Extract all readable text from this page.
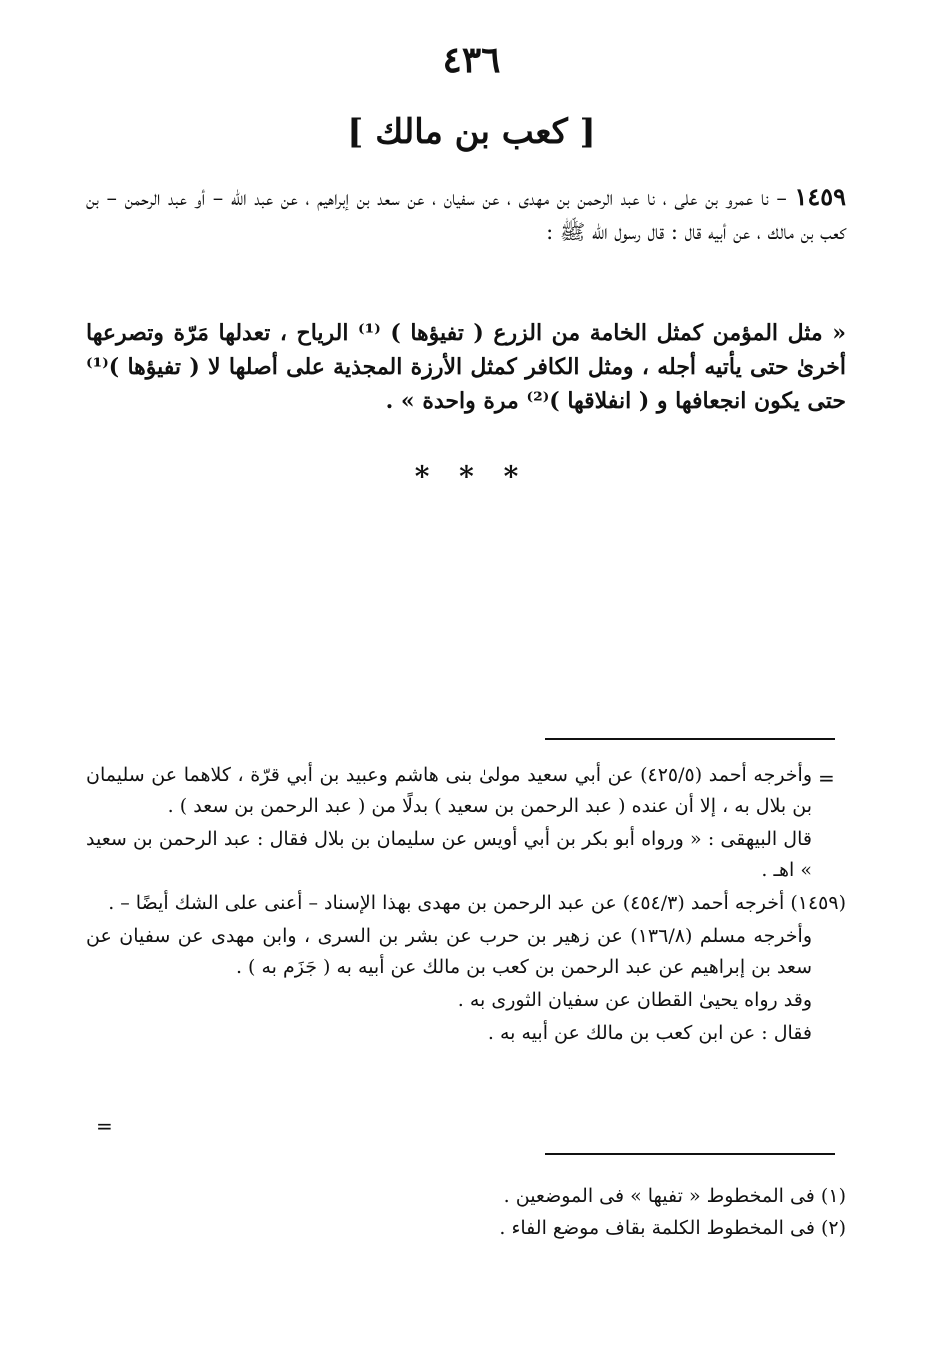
٤٣٦
[ كعب بن مالك ]
١٤٥٩ – نا عمرو بن على ، نا عبد الرحمن بن مهدى ، عن سفيان ، عن سعد بن إبراهيم ، عن عبد الله – أو عبد الرحمن – بن كعب بن مالك ، عن أبيه قال : قال رسول الله ﷺ :
« مثل المؤمن كمثل الخامة من الزرع ( تفيؤها ) ⁽¹⁾ الرياح ، تعدلها مَرّة وتصرعها أخرىٰ حتى يأتيه أجله ، ومثل الكافر كمثل الأرزة المجذية على أصلها لا ( تفيؤها )⁽¹⁾ حتى يكون انجعافها و ( انفلاقها )⁽²⁾ مرة واحدة » .
* * *
=

وأخرجه أحمد (٤٢٥/٥) عن أبي سعيد مولىٰ بنى هاشم وعبيد بن أبي قرّة ، كلاهما عن سليمان بن بلال به ، إلا أن عنده ( عبد الرحمن بن سعيد ) بدلًا من ( عبد الرحمن بن سعد ) .

قال البيهقى : « ورواه أبو بكر بن أبي أويس عن سليمان بن بلال فقال : عبد الرحمن بن سعيد » اهـ .

(١٤٥٩) أخرجه أحمد (٤٥٤/٣) عن عبد الرحمن بن مهدى بهذا الإسناد – أعنى على الشك أيضًا – .

وأخرجه مسلم (١٣٦/٨) عن زهير بن حرب عن بشر بن السرى ، وابن مهدى عن سفيان عن سعد بن إبراهيم عن عبد الرحمن بن كعب بن مالك عن أبيه به ( جَزَم به ) .

وقد رواه يحيىٰ القطان عن سفيان الثورى به .

فقال : عن ابن كعب بن مالك عن أبيه به .

=

(١) فى المخطوط « تفيها » فى الموضعين .

(٢) فى المخطوط الكلمة بقاف موضع الفاء .
